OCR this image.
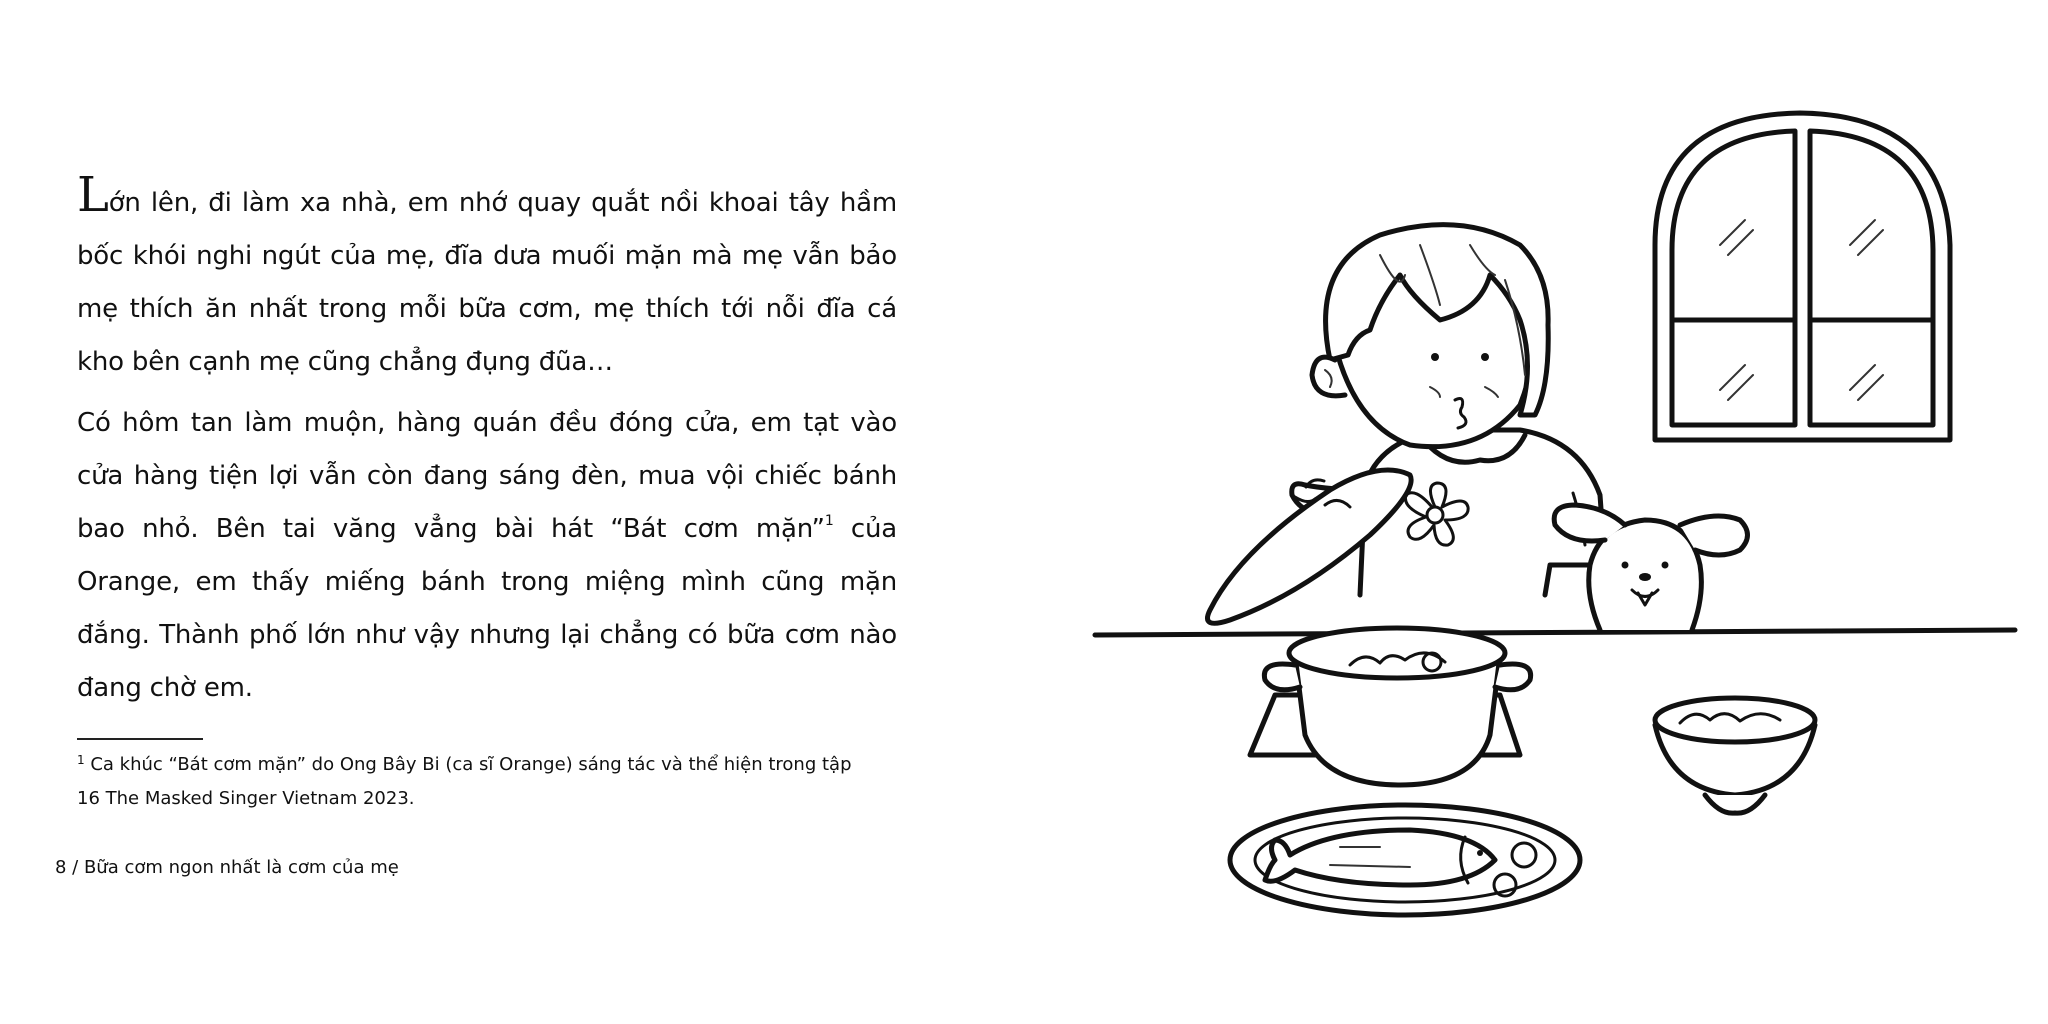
Lớn lên, đi làm xa nhà, em nhớ quay quắt nồi khoai tây hầm bốc khói nghi ngút của mẹ, đĩa dưa muối mặn mà mẹ vẫn bảo mẹ thích ăn nhất trong mỗi bữa cơm, mẹ thích tới nỗi đĩa cá kho bên cạnh mẹ cũng chẳng đụng đũa…

Có hôm tan làm muộn, hàng quán đều đóng cửa, em tạt vào cửa hàng tiện lợi vẫn còn đang sáng đèn, mua vội chiếc bánh bao nhỏ. Bên tai văng vẳng bài hát “Bát cơm mặn”$^1$ của Orange, em thấy miếng bánh trong miệng mình cũng mặn đắng. Thành phố lớn như vậy nhưng lại chẳng có bữa cơm nào đang chờ em.

$^1$ Ca khúc “Bát cơm mặn” do Ong Bây Bi (ca sĩ Orange) sáng tác và thể hiện trong tập 16 The Masked Singer Vietnam 2023.
8 / Bữa cơm ngon nhất là cơm của mẹ
